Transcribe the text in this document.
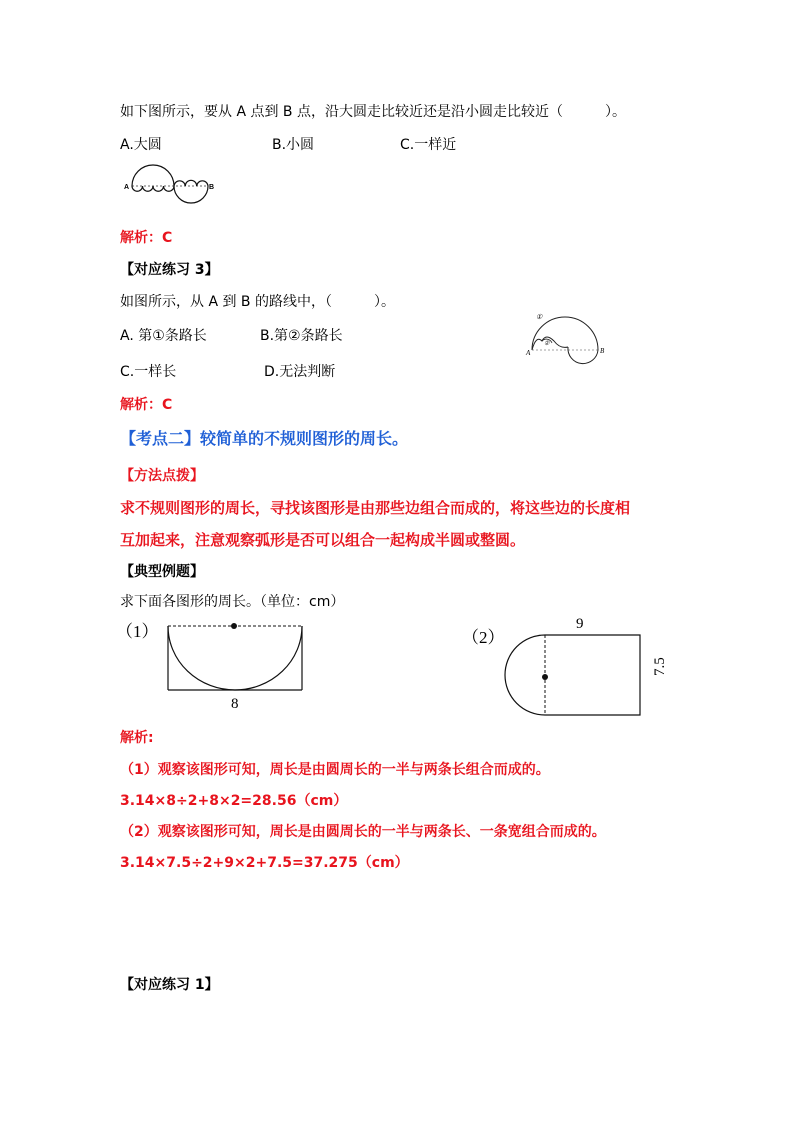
如下图所示，要从 A 点到 B 点，沿大圆走比较近还是沿小圆走比较近（　　　）。
A.大圆	B.小圆	C.一样近
A	B
解析：C
【对应练习 3】
如图所示，从 A 到 B 的路线中，（　　　）。
A. 第①条路长	B.第②条路长
C.一样长	D.无法判断
①
②
A	B
解析：C
【考点二】较简单的不规则图形的周长。
【方法点拨】
求不规则图形的周长，寻找该图形是由那些边组合而成的，将这些边的长度相
互加起来，注意观察弧形是否可以组合一起构成半圆或整圆。
【典型例题】
求下面各图形的周长。（单位：cm）
（1）
8
（2）
9
7.5
解析:
（1）观察该图形可知，周长是由圆周长的一半与两条长组合而成的。
3.14×8÷2+8×2=28.56（cm）
（2）观察该图形可知，周长是由圆周长的一半与两条长、一条宽组合而成的。
3.14×7.5÷2+9×2+7.5=37.275（cm）
【对应练习 1】
